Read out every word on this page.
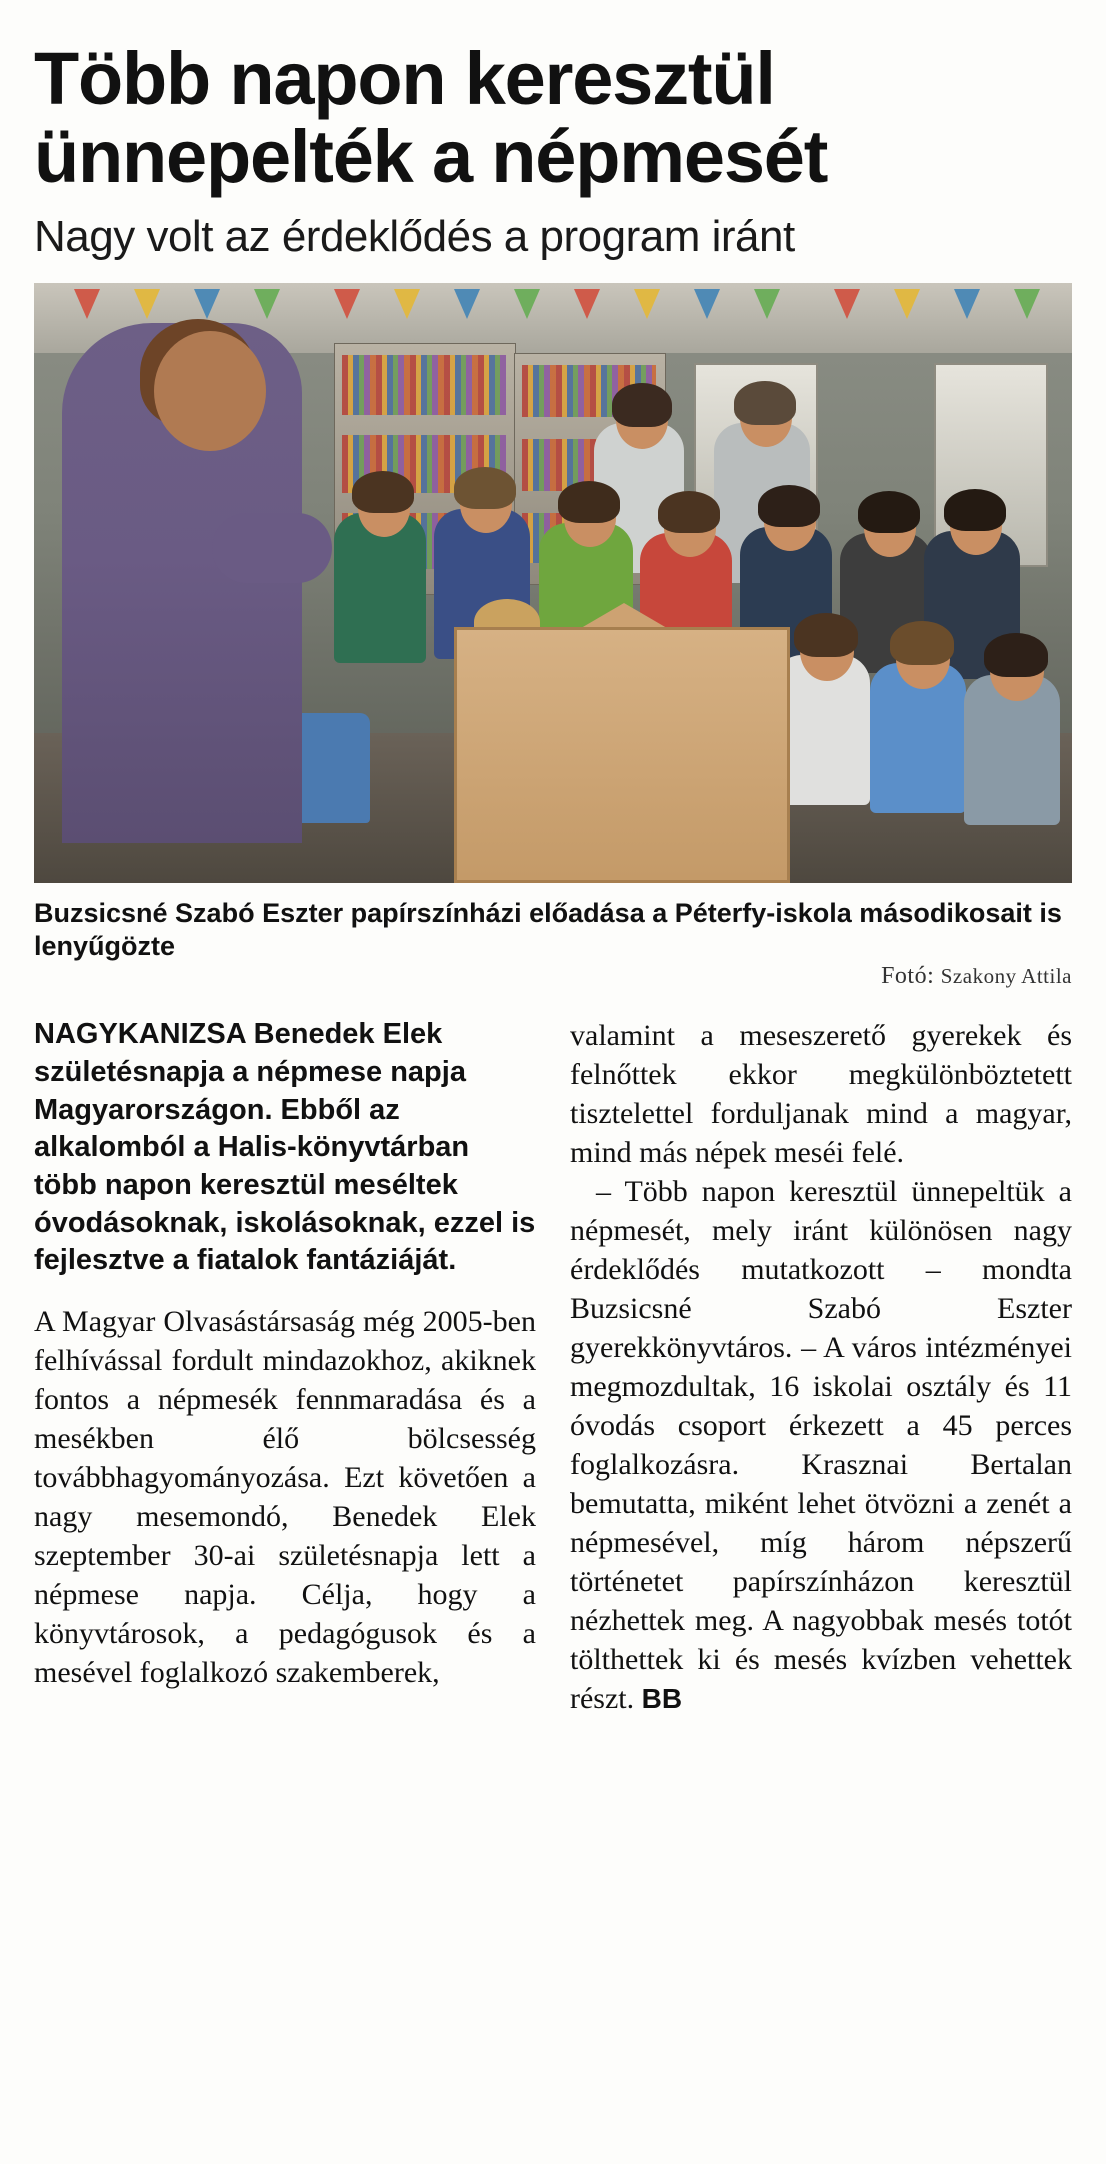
Több napon keresztül
ünnepelték a népmesét
Nagy volt az érdeklődés a program iránt
Buzsicsné Szabó Eszter papírszínházi előadása a Péterfy-iskola másodikosait is lenyűgözte
Fotó: Szakony Attila

NAGYKANIZSA Benedek Elek születésnapja a népmese napja Magyarországon. Ebből az alkalomból a Halis-könyvtárban több napon keresztül meséltek óvodásoknak, iskolásoknak, ezzel is fejlesztve a fiatalok fantáziáját.

A Magyar Olvasástársaság még 2005-ben felhívással fordult mindazokhoz, akiknek fontos a népmesék fennmaradása és a mesékben élő bölcsesség továbbhagyományozása. Ezt követően a nagy mesemondó, Benedek Elek szeptember 30-ai születésnapja lett a népmese napja. Célja, hogy a könyvtárosok, a pedagógusok és a mesével foglalkozó szakemberek,

valamint a meseszerető gyerekek és felnőttek ekkor megkülönböztetett tisztelettel forduljanak mind a magyar, mind más népek meséi felé.

– Több napon keresztül ünnepeltük a népmesét, mely iránt különösen nagy érdeklődés mutatkozott – mondta Buzsicsné Szabó Eszter gyerekkönyvtáros. – A város intézményei megmozdultak, 16 iskolai osztály és 11 óvodás csoport érkezett a 45 perces foglalkozásra. Krasznai Bertalan bemutatta, miként lehet ötvözni a zenét a népmesével, míg három népszerű történetet papírszínházon keresztül nézhettek meg. A nagyobbak mesés totót tölthettek ki és mesés kvízben vehettek részt. BB
